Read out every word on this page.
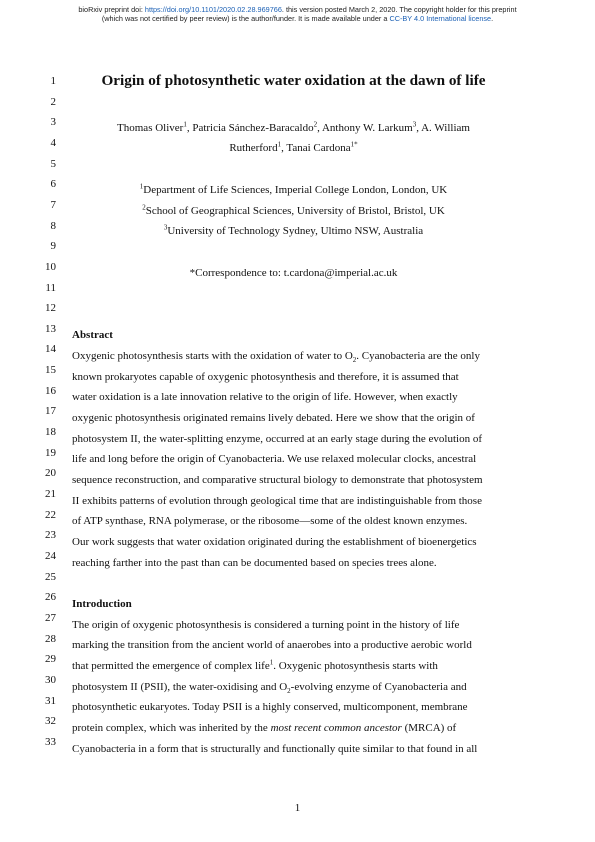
bioRxiv preprint doi: https://doi.org/10.1101/2020.02.28.969766. this version posted March 2, 2020. The copyright holder for this preprint
(which was not certified by peer review) is the author/funder. It is made available under a CC-BY 4.0 International license.
1
2
3
4
5
6
7
8
9
10
11
12
13
14
15
16
17
18
19
20
21
22
23
24
25
26
27
28
29
30
31
32
33
Origin of photosynthetic water oxidation at the dawn of life
Thomas Oliver$^1$, Patricia Sánchez-Baracaldo$^2$, Anthony W. Larkum$^3$, A. William
Rutherford$^1$, Tanai Cardona$^{1*}$
$^1$Department of Life Sciences, Imperial College London, London, UK
$^2$School of Geographical Sciences, University of Bristol, Bristol, UK
$^3$University of Technology Sydney, Ultimo NSW, Australia
*Correspondence to: t.cardona@imperial.ac.uk
Abstract
Oxygenic photosynthesis starts with the oxidation of water to $O_2$. Cyanobacteria are the only
known prokaryotes capable of oxygenic photosynthesis and therefore, it is assumed that
water oxidation is a late innovation relative to the origin of life. However, when exactly
oxygenic photosynthesis originated remains lively debated. Here we show that the origin of
photosystem II, the water-splitting enzyme, occurred at an early stage during the evolution of
life and long before the origin of Cyanobacteria. We use relaxed molecular clocks, ancestral
sequence reconstruction, and comparative structural biology to demonstrate that photosystem
II exhibits patterns of evolution through geological time that are indistinguishable from those
of ATP synthase, RNA polymerase, or the ribosome—some of the oldest known enzymes.
Our work suggests that water oxidation originated during the establishment of bioenergetics
reaching farther into the past than can be documented based on species trees alone.
Introduction
The origin of oxygenic photosynthesis is considered a turning point in the history of life
marking the transition from the ancient world of anaerobes into a productive aerobic world
that permitted the emergence of complex life$^1$. Oxygenic photosynthesis starts with
photosystem II (PSII), the water-oxidising and $O_2$-evolving enzyme of Cyanobacteria and
photosynthetic eukaryotes. Today PSII is a highly conserved, multicomponent, membrane
protein complex, which was inherited by the most recent common ancestor (MRCA) of
Cyanobacteria in a form that is structurally and functionally quite similar to that found in all
1
